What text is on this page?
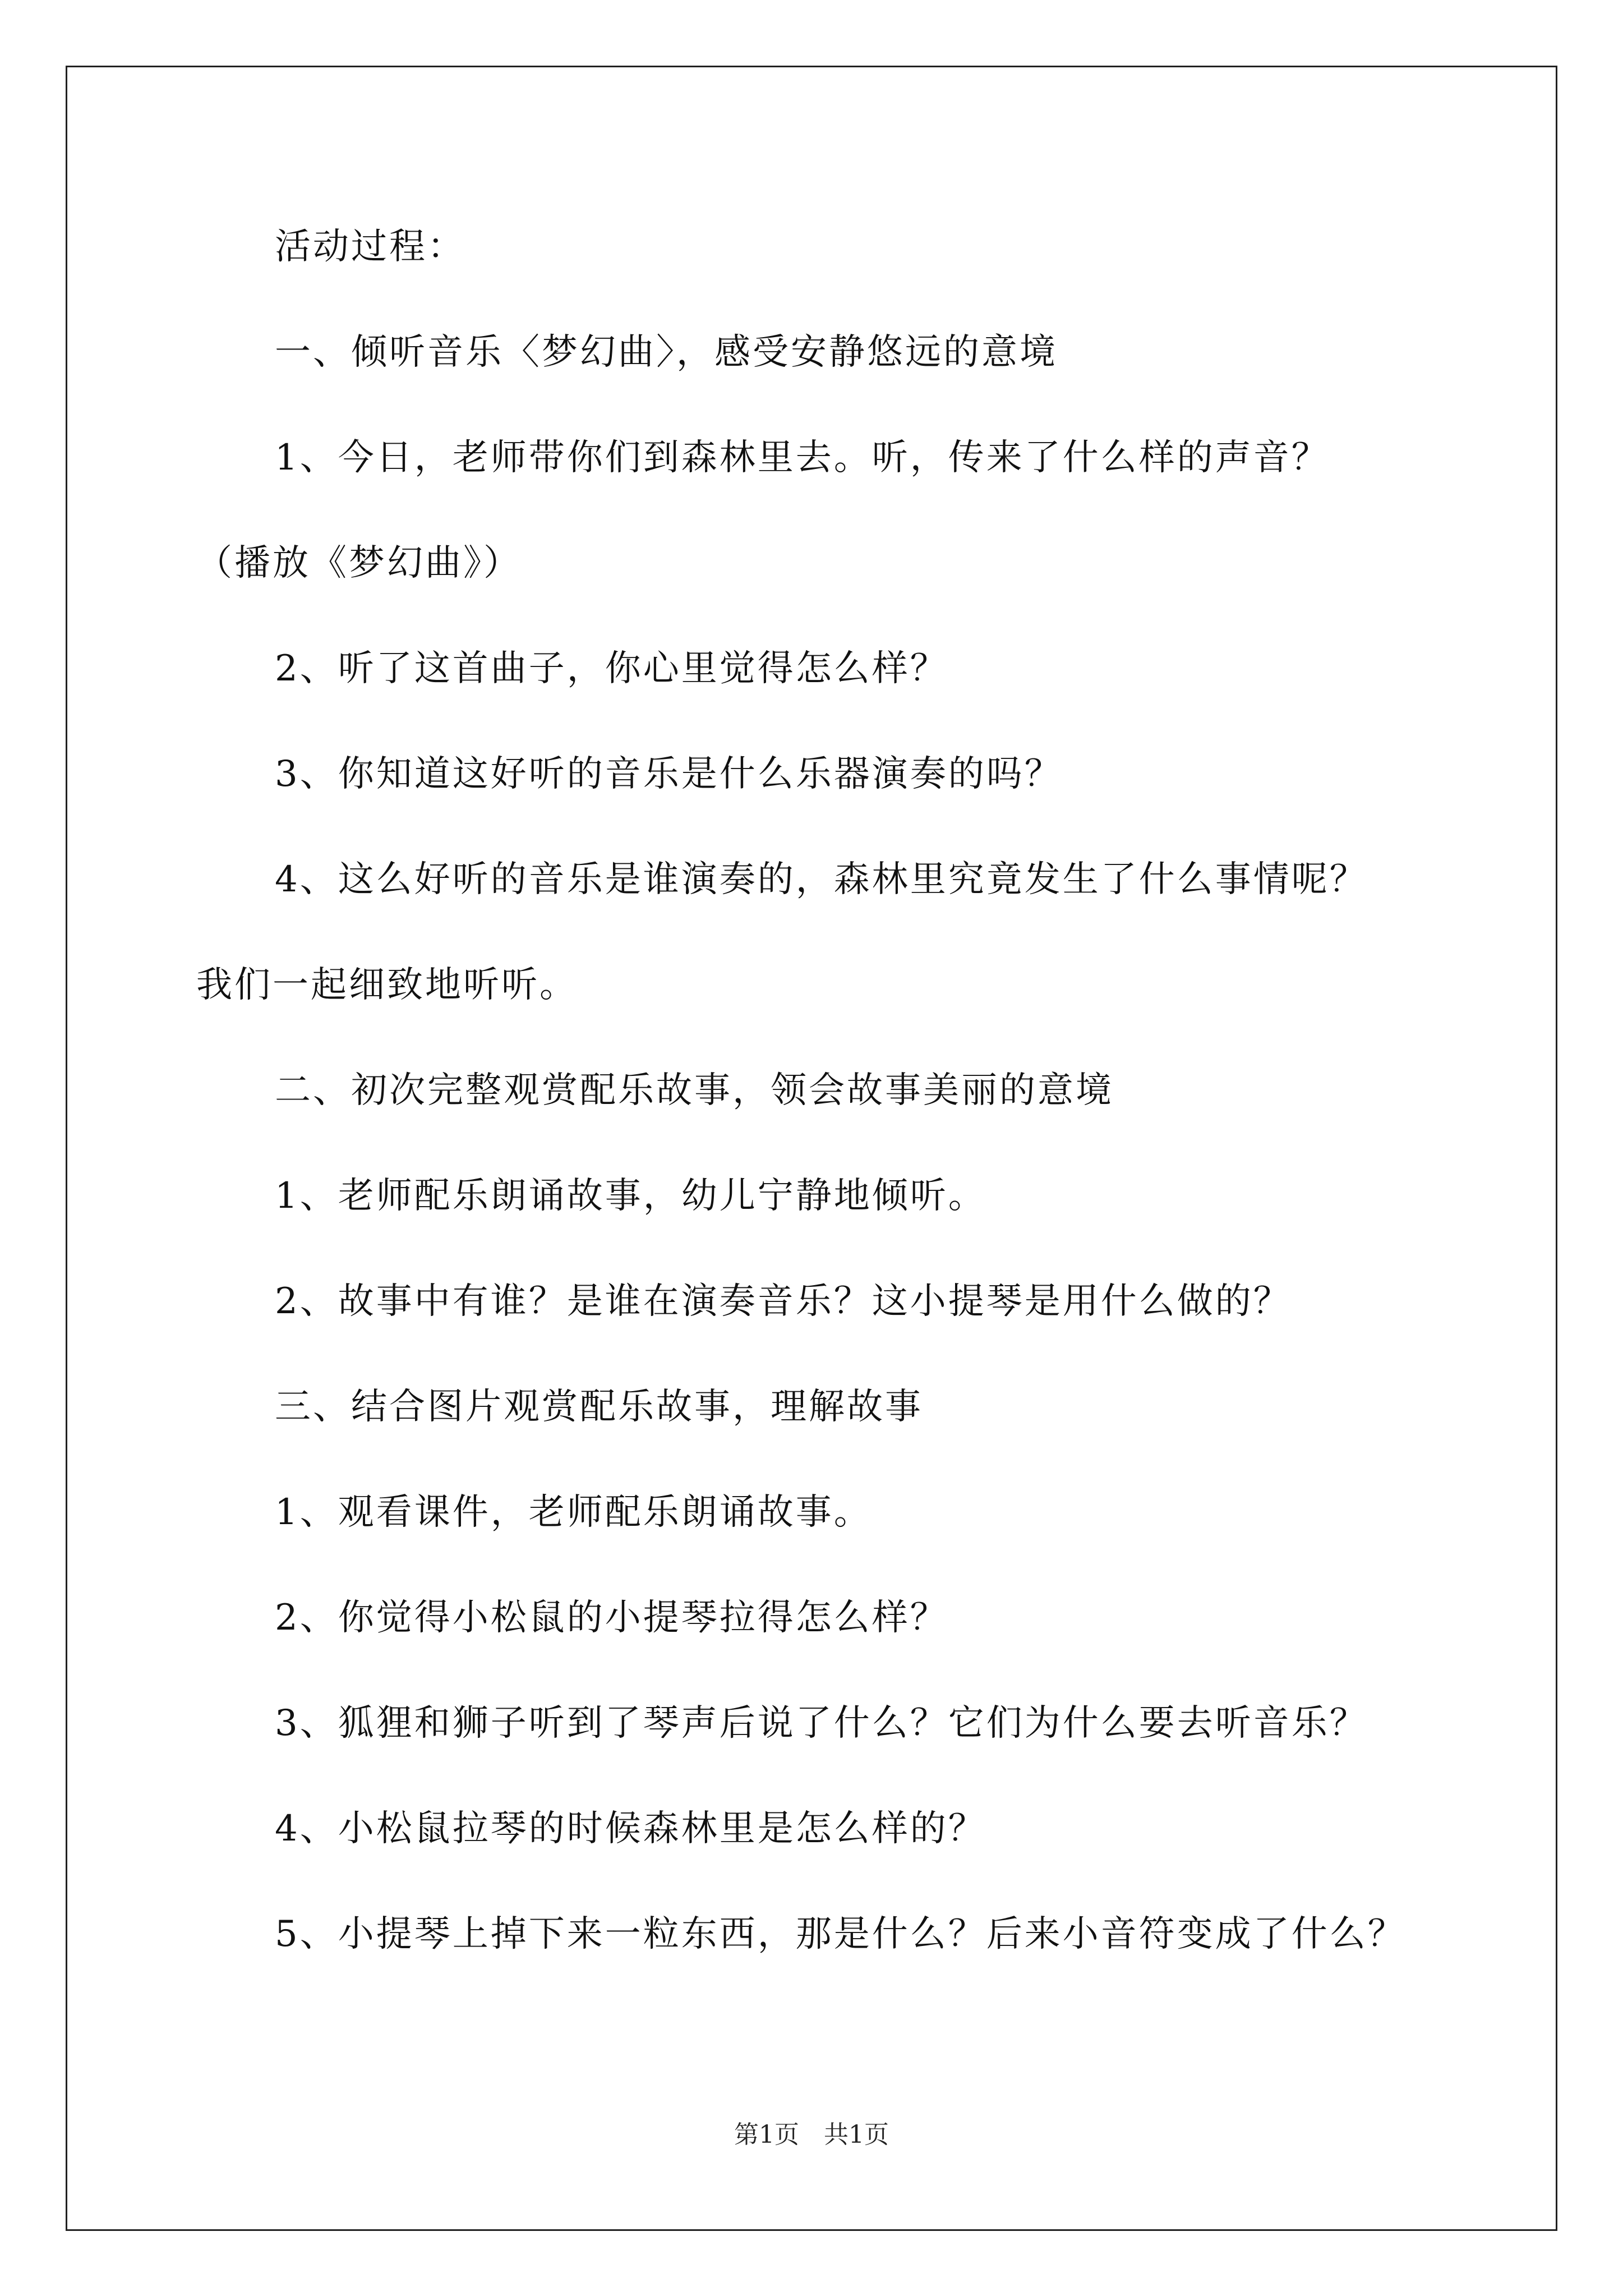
活动过程：
一、倾听音乐〈梦幻曲〉，感受安静悠远的意境
1、今日，老师带你们到森林里去。听，传来了什么样的声音？
（播放《梦幻曲》）
2、听了这首曲子，你心里觉得怎么样？
3、你知道这好听的音乐是什么乐器演奏的吗？
4、这么好听的音乐是谁演奏的，森林里究竟发生了什么事情呢？
我们一起细致地听听。
二、初次完整观赏配乐故事，领会故事美丽的意境
1、老师配乐朗诵故事，幼儿宁静地倾听。
2、故事中有谁？是谁在演奏音乐？这小提琴是用什么做的？
三、结合图片观赏配乐故事，理解故事
1、观看课件，老师配乐朗诵故事。
2、你觉得小松鼠的小提琴拉得怎么样？
3、狐狸和狮子听到了琴声后说了什么？它们为什么要去听音乐？
4、小松鼠拉琴的时候森林里是怎么样的？
5、小提琴上掉下来一粒东西，那是什么？后来小音符变成了什么？
第1页　共1页
